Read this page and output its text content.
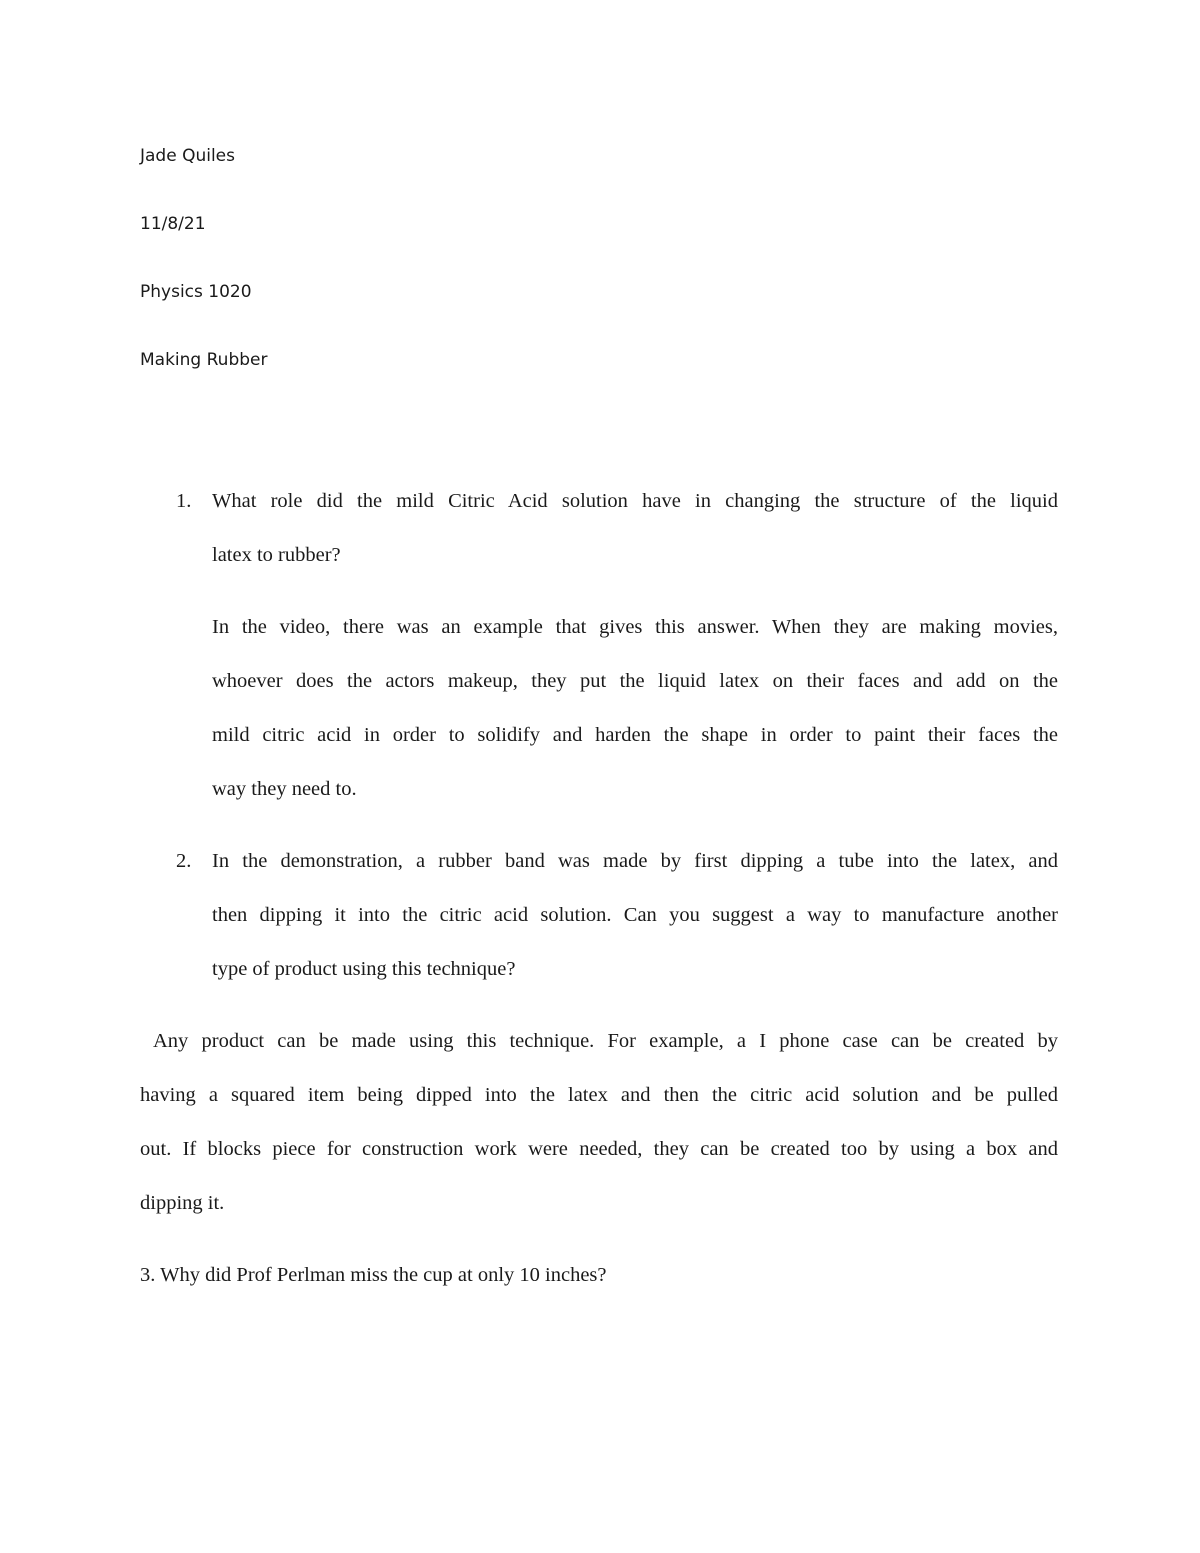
Jade Quiles
11/8/21
Physics 1020
Making Rubber
1. What role did the mild Citric Acid solution have in changing the structure of the liquid
latex to rubber?
In the video, there was an example that gives this answer. When they are making movies,
whoever does the actors makeup, they put the liquid latex on their faces and add on the
mild citric acid in order to solidify and harden the shape in order to paint their faces the
way they need to.
2. In the demonstration, a rubber band was made by first dipping a tube into the latex, and
then dipping it into the citric acid solution. Can you suggest a way to manufacture another
type of product using this technique?
Any product can be made using this technique. For example, a I phone case can be created by
having a squared item being dipped into the latex and then the citric acid solution and be pulled
out. If blocks piece for construction work were needed, they can be created too by using a box and
dipping it.
3. Why did Prof Perlman miss the cup at only 10 inches?
